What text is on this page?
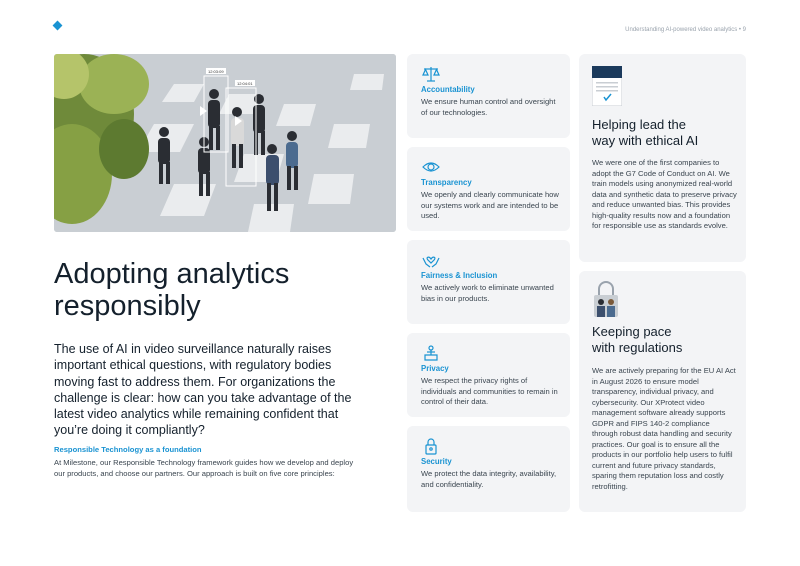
Understanding AI-powered video analytics • 9
12:03:09
12:04:01
Adopting analytics
responsibly

The use of AI in video surveillance naturally raises important ethical questions, with regulatory bodies moving fast to address them. For organizations the challenge is clear: how can you take advantage of the latest video analytics while remaining confident that you’re doing it compliantly?

Responsible Technology as a foundation

At Milestone, our Responsible Technology framework guides how we develop and deploy our products, and choose our partners. Our approach is built on five core principles:

Accountability
We ensure human control and oversight of our technologies.
Transparency
We openly and clearly communicate how our systems work and are intended to be used.
Fairness & Inclusion
We actively work to eliminate unwanted bias in our products.
Privacy
We respect the privacy rights of individuals and communities to remain in control of their data.
Security
We protect the data integrity, availability, and confidentiality.
Helping lead the
way with ethical AI
We were one of the first companies to adopt the G7 Code of Conduct on AI. We train models using anonymized real-world data and synthetic data to preserve privacy and reduce unwanted bias. This provides high-quality results now and a foundation for responsible use as standards evolve.
Keeping pace
with regulations
We are actively preparing for the EU AI Act in August 2026 to ensure model transparency, individual privacy, and cybersecurity. Our XProtect video management software already supports GDPR and FIPS 140-2 compliance through robust data handling and security practices. Our goal is to ensure all the products in our portfolio help users to fulfil current and future privacy standards, sparing them reputation loss and costly retrofitting.
